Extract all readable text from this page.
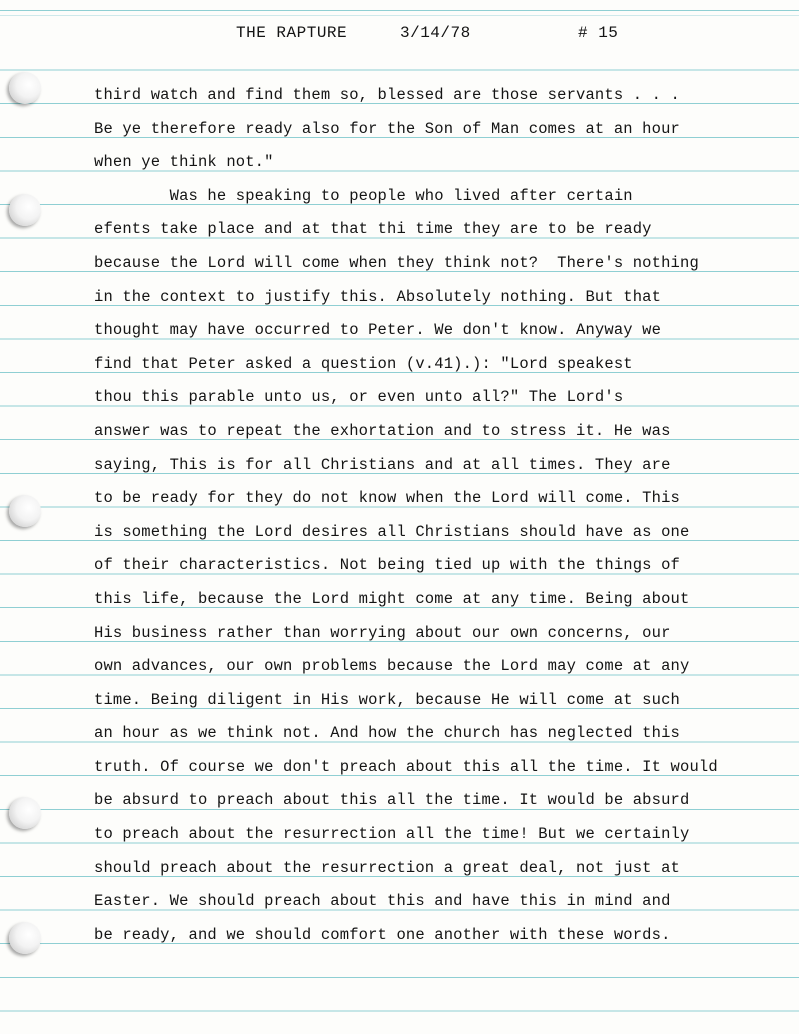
THE RAPTURE	3/14/78	# 15
third watch and find them so, blessed are those servants . . .
Be ye therefore ready also for the Son of Man comes at an hour
when ye think not."
Was he speaking to people who lived after certain
efents take place and at that thi time they are to be ready
because the Lord will come when they think not?  There's nothing
in the context to justify this. Absolutely nothing. But that
thought may have occurred to Peter. We don't know. Anyway we
find that Peter asked a question (v.41).): "Lord speakest
thou this parable unto us, or even unto all?" The Lord's
answer was to repeat the exhortation and to stress it. He was
saying, This is for all Christians and at all times. They are
to be ready for they do not know when the Lord will come. This
is something the Lord desires all Christians should have as one
of their characteristics. Not being tied up with the things of
this life, because the Lord might come at any time. Being about
His business rather than worrying about our own concerns, our
own advances, our own problems because the Lord may come at any
time. Being diligent in His work, because He will come at such
an hour as we think not. And how the church has neglected this
truth. Of course we don't preach about this all the time. It would
be absurd to preach about this all the time. It would be absurd
to preach about the resurrection all the time! But we certainly
should preach about the resurrection a great deal, not just at
Easter. We should preach about this and have this in mind and
be ready, and we should comfort one another with these words.
